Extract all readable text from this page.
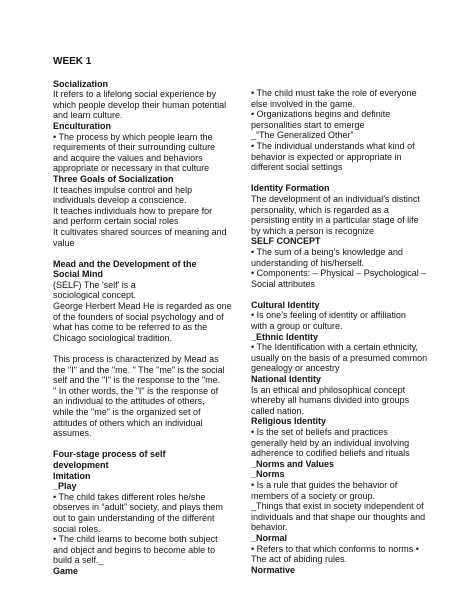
WEEK 1

Socialization

It refers to a lifelong social experience by
which people develop their human potential
and learn culture.

Enculturation

• The process by which people learn the
requirements of their surrounding culture
and acquire the values and behaviors
appropriate or necessary in that culture

Three Goals of Socialization

It teaches impulse control and help
individuals develop a conscience.
It teaches individuals how to prepare for
and perform certain social roles
It cultivates shared sources of meaning and
value

Mead and the Development of the
Social Mind

(SELF) The 'self' is a
sociological concept.
George Herbert Mead He is regarded as one
of the founders of social psychology and of
what has come to be referred to as the
Chicago sociological tradition.

This process is characterized by Mead as
the "I" and the "me. " The "me" is the social
self and the "I" is the response to the "me.
" In other words, the "I" is the response of
an individual to the attitudes of others,
while the "me" is the organized set of
attitudes of others which an individual
assumes.

Four-stage process of self
development

Imitation

_Play

• The child takes different roles he/she
observes in “adult” society, and plays them
out to gain understanding of the different
social roles.
• The child learns to become both subject
and object and begins to become able to
build a self._

Game

• The child must take the role of everyone
else involved in the game.
• Organizations begins and definite
personalities start to emerge
_“The Generalized Other”
• The individual understands what kind of
behavior is expected or appropriate in
different social settings

Identity Formation

The development of an individual’s distinct
personality, which is regarded as a
persisting entity in a particular stage of life
by which a person is recognize

SELF CONCEPT

• The sum of a being’s knowledge and
understanding of his/herself.
• Components: – Physical – Psychological –
Social attributes

Cultural Identity

• Is one’s feeling of identity or affiliation
with a group or culture.

_Ethnic Identity

• The Identification with a certain ethnicity,
usually on the basis of a presumed common
genealogy or ancestry

National Identity

Is an ethical and philosophical concept
whereby all humans divided into groups
called nation.

Religious Identity

• Is the set of beliefs and practices
generally held by an individual involving
adherence to codified beliefs and rituals

_Norms and Values

_Norms

• Is a rule that guides the behavior of
members of a society or group.
_Things that exist in society independent of
individuals and that shape our thoughts and
behavior.

_Normal

• Refers to that which conforms to norms •
The act of abiding rules.

Normative
